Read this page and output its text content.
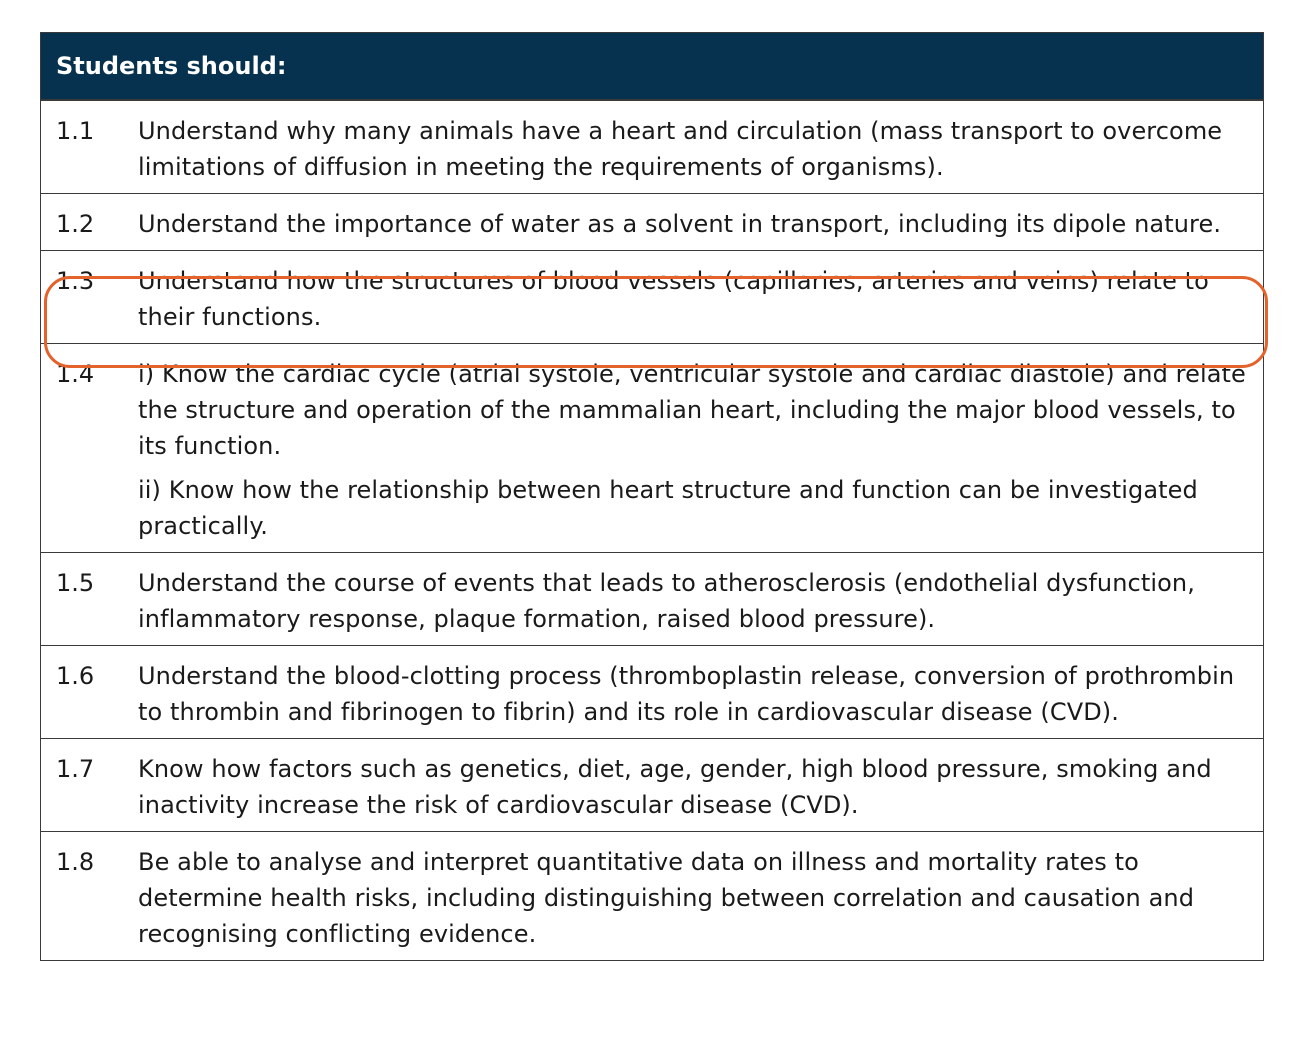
Students should:
1.1	Understand why many animals have a heart and circulation (mass transport to overcome limitations of diffusion in meeting the requirements of organisms).

1.2	Understand the importance of water as a solvent in transport, including its dipole nature.

1.3	Understand how the structures of blood vessels (capillaries, arteries and veins) relate to their functions.

1.4	i) Know the cardiac cycle (atrial systole, ventricular systole and cardiac diastole) and relate the structure and operation of the mammalian heart, including the major blood vessels, to its function.

ii) Know how the relationship between heart structure and function can be investigated practically.

1.5	Understand the course of events that leads to atherosclerosis (endothelial dysfunction, inflammatory response, plaque formation, raised blood pressure).

1.6	Understand the blood-clotting process (thromboplastin release, conversion of prothrombin to thrombin and fibrinogen to fibrin) and its role in cardiovascular disease (CVD).

1.7	Know how factors such as genetics, diet, age, gender, high blood pressure, smoking and inactivity increase the risk of cardiovascular disease (CVD).

1.8	Be able to analyse and interpret quantitative data on illness and mortality rates to determine health risks, including distinguishing between correlation and causation and recognising conflicting evidence.
